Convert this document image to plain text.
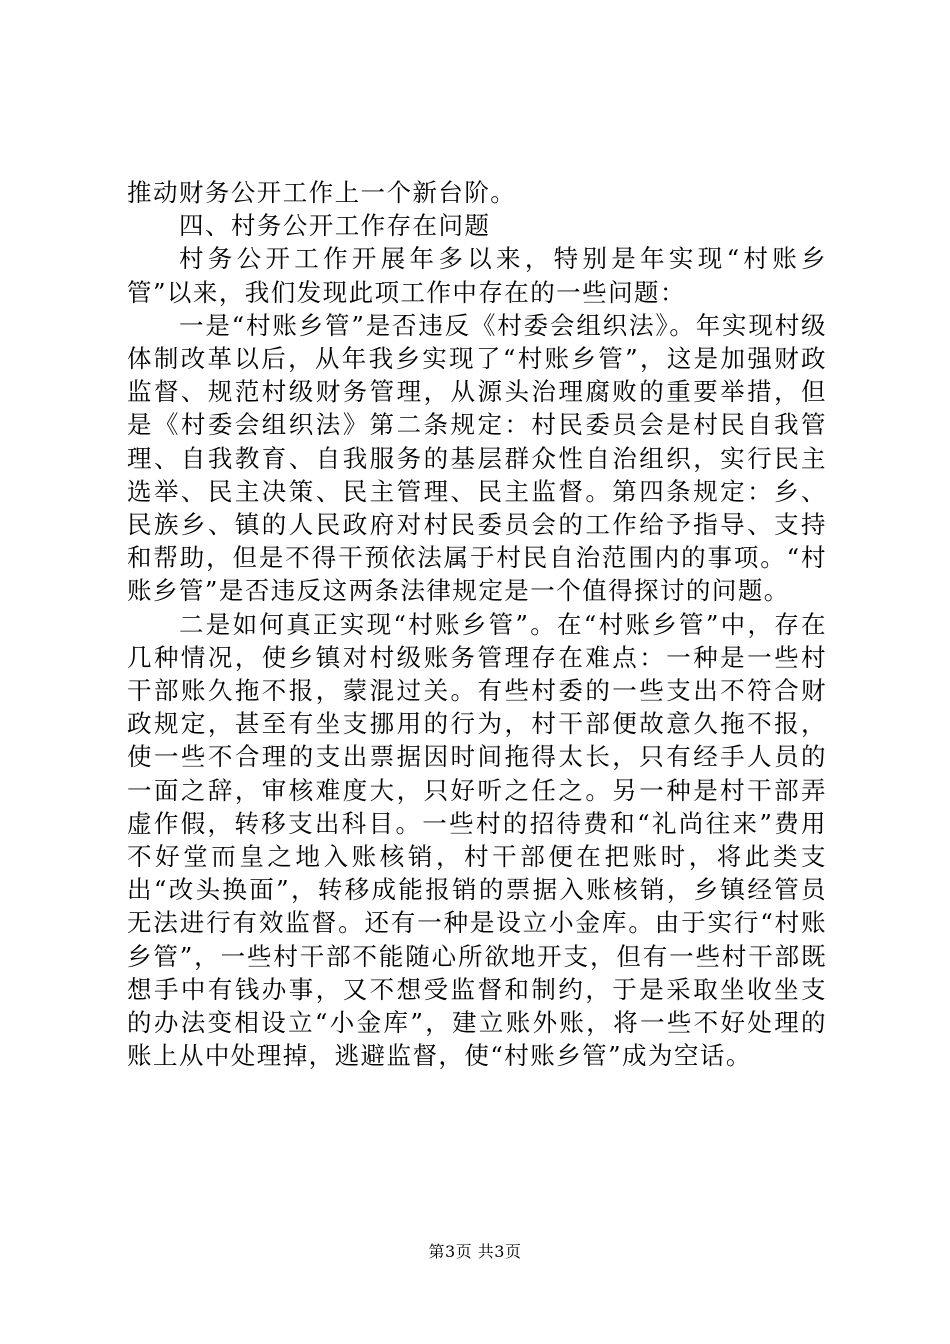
推动财务公开工作上一个新台阶。

四、村务公开工作存在问题

村务公开工作开展年多以来，特别是年实现“村账乡管”以来，我们发现此项工作中存在的一些问题：

一是“村账乡管”是否违反《村委会组织法》。年实现村级体制改革以后，从年我乡实现了“村账乡管”，这是加强财政监督、规范村级财务管理，从源头治理腐败的重要举措，但是《村委会组织法》第二条规定：村民委员会是村民自我管理、自我教育、自我服务的基层群众性自治组织，实行民主选举、民主决策、民主管理、民主监督。第四条规定：乡、民族乡、镇的人民政府对村民委员会的工作给予指导、支持和帮助，但是不得干预依法属于村民自治范围内的事项。“村账乡管”是否违反这两条法律规定是一个值得探讨的问题。

二是如何真正实现“村账乡管”。在“村账乡管”中，存在几种情况，使乡镇对村级账务管理存在难点：一种是一些村干部账久拖不报，蒙混过关。有些村委的一些支出不符合财政规定，甚至有坐支挪用的行为，村干部便故意久拖不报，使一些不合理的支出票据因时间拖得太长，只有经手人员的一面之辞，审核难度大，只好听之任之。另一种是村干部弄虚作假，转移支出科目。一些村的招待费和“礼尚往来”费用不好堂而皇之地入账核销，村干部便在把账时，将此类支出“改头换面”，转移成能报销的票据入账核销，乡镇经管员无法进行有效监督。还有一种是设立小金库。由于实行“村账乡管”，一些村干部不能随心所欲地开支，但有一些村干部既想手中有钱办事，又不想受监督和制约，于是采取坐收坐支的办法变相设立“小金库”，建立账外账，将一些不好处理的账上从中处理掉，逃避监督，使“村账乡管”成为空话。

第3页 共3页
